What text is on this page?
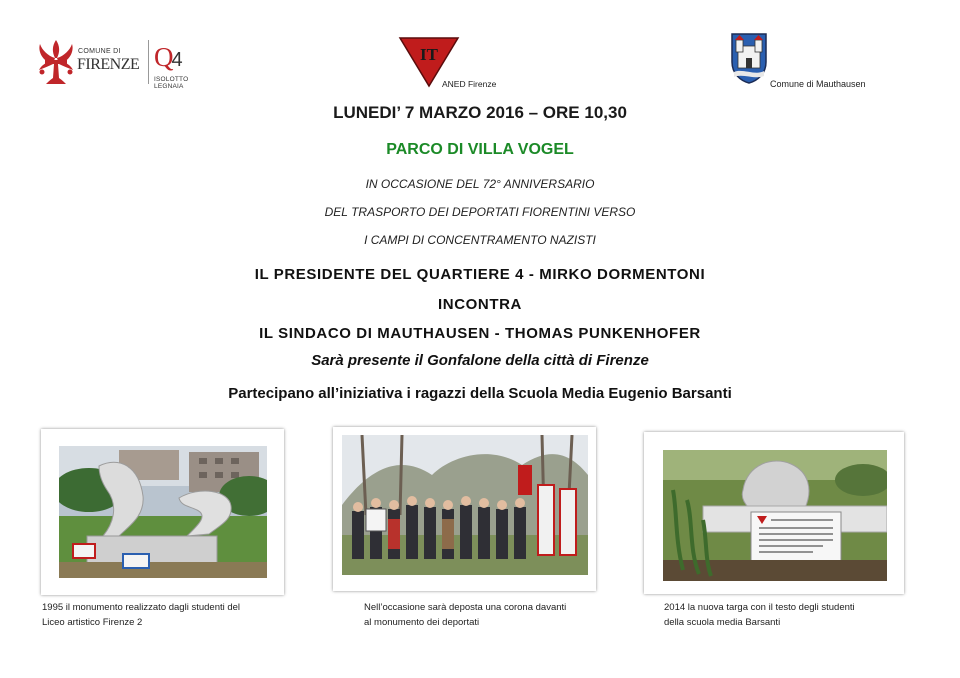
COMUNE DI
FIRENZE Q4
ISOLOTTO LEGNAIA
IT
ANED Firenze	Comune di Mauthausen
LUNEDI’ 7 MARZO 2016 – ORE 10,30
PARCO DI VILLA VOGEL
IN OCCASIONE DEL 72° ANNIVERSARIO
DEL TRASPORTO DEI DEPORTATI FIORENTINI VERSO
I CAMPI DI CONCENTRAMENTO NAZISTI
IL PRESIDENTE DEL QUARTIERE 4 - MIRKO DORMENTONI
INCONTRA
IL SINDACO DI MAUTHAUSEN - THOMAS PUNKENHOFER
Sarà presente il Gonfalone della città di Firenze
Partecipano all’iniziativa i ragazzi della Scuola Media Eugenio Barsanti
1995 il monumento realizzato dagli studenti del
Liceo artistico Firenze 2
Nell’occasione sarà deposta una corona davanti
al monumento dei deportati
2014 la nuova targa con il testo degli studenti
della scuola media Barsanti
